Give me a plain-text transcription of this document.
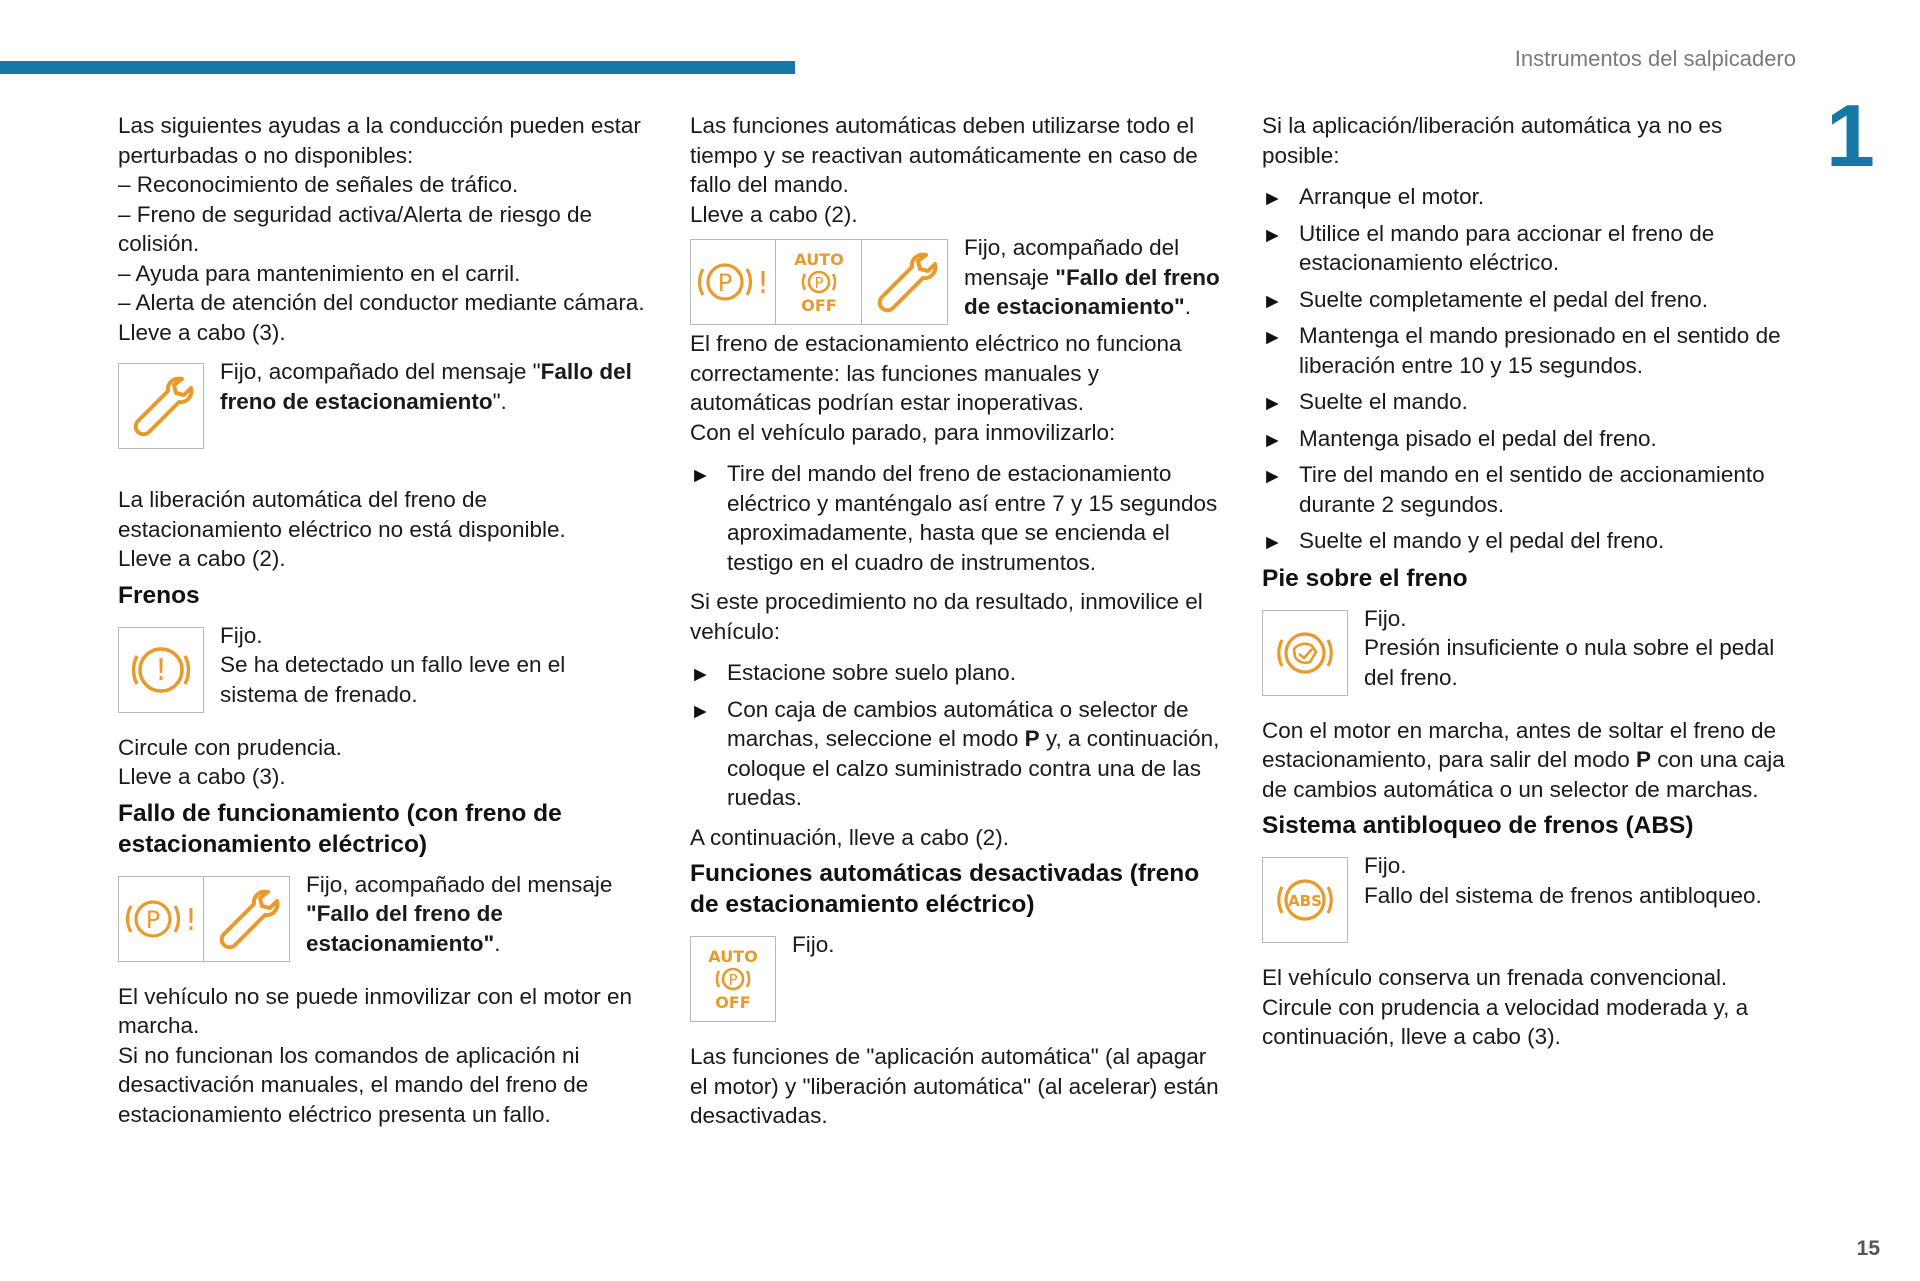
Instrumentos del salpicadero
1
15

Las siguientes ayudas a la conducción pueden estar perturbadas o no disponibles:

– Reconocimiento de señales de tráfico.

– Freno de seguridad activa/Alerta de riesgo de colisión.

– Ayuda para mantenimiento en el carril.

– Alerta de atención del conductor mediante cámara.

Lleve a cabo (3).

Fijo, acompañado del mensaje "Fallo del freno de estacionamiento".

La liberación automática del freno de estacionamiento eléctrico no está disponible.

Lleve a cabo (2).

Frenos
!

Fijo.

Se ha detectado un fallo leve en el sistema de frenado.

Circule con prudencia.

Lleve a cabo (3).

Fallo de funcionamiento (con freno de estacionamiento eléctrico)
P !
Fijo, acompañado del mensaje "Fallo del freno de estacionamiento".

El vehículo no se puede inmovilizar con el motor en marcha.

Si no funcionan los comandos de aplicación ni desactivación manuales, el mando del freno de estacionamiento eléctrico presenta un fallo.

Las funciones automáticas deben utilizarse todo el tiempo y se reactivan automáticamente en caso de fallo del mando.

Lleve a cabo (2).

P !
AUTO
P
OFF
Fijo, acompañado del mensaje "Fallo del freno de estacionamiento".

El freno de estacionamiento eléctrico no funciona correctamente: las funciones manuales y automáticas podrían estar inoperativas.

Con el vehículo parado, para inmovilizarlo:

► Tire del mando del freno de estacionamiento eléctrico y manténgalo así entre 7 y 15 segundos aproximadamente, hasta que se encienda el testigo en el cuadro de instrumentos.

Si este procedimiento no da resultado, inmovilice el vehículo:

► Estacione sobre suelo plano.
► Con caja de cambios automática o selector de marchas, seleccione el modo P y, a continuación, coloque el calzo suministrado contra una de las ruedas.

A continuación, lleve a cabo (2).

Funciones automáticas desactivadas (freno de estacionamiento eléctrico)
AUTO
P
OFF

Fijo.

Las funciones de "aplicación automática" (al apagar el motor) y "liberación automática" (al acelerar) están desactivadas.

Si la aplicación/liberación automática ya no es posible:

► Arranque el motor.
► Utilice el mando para accionar el freno de estacionamiento eléctrico.
► Suelte completamente el pedal del freno.
► Mantenga el mando presionado en el sentido de liberación entre 10 y 15 segundos.
► Suelte el mando.
► Mantenga pisado el pedal del freno.
► Tire del mando en el sentido de accionamiento durante 2 segundos.
► Suelte el mando y el pedal del freno.
Pie sobre el freno

Fijo.

Presión insuficiente o nula sobre el pedal del freno.

Con el motor en marcha, antes de soltar el freno de estacionamiento, para salir del modo P con una caja de cambios automática o un selector de marchas.

Sistema antibloqueo de frenos (ABS)
ABS

Fijo.

Fallo del sistema de frenos antibloqueo.

El vehículo conserva un frenada convencional.

Circule con prudencia a velocidad moderada y, a continuación, lleve a cabo (3).
